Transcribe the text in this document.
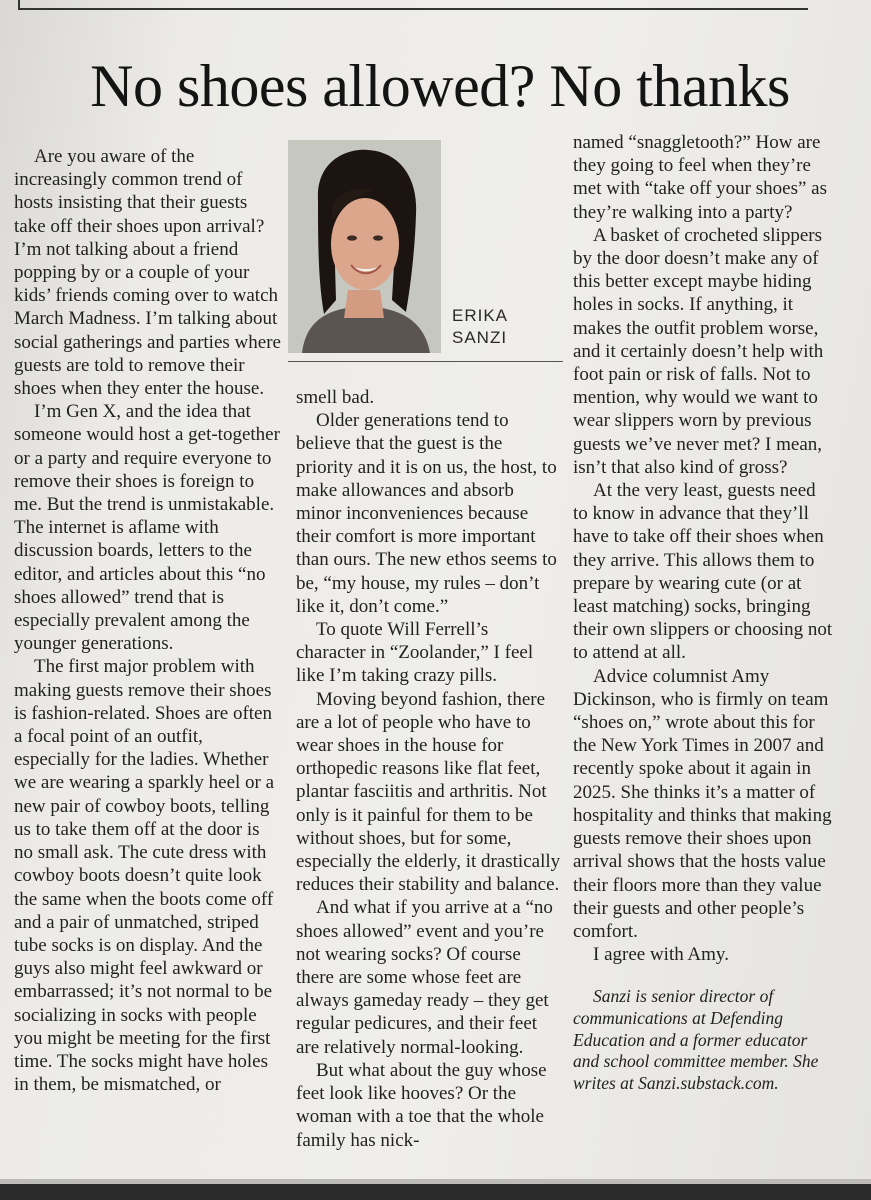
No shoes allowed? No thanks

Are you aware of the increasingly common trend of hosts insisting that their guests take off their shoes upon arrival? I’m not talking about a friend popping by or a couple of your kids’ friends coming over to watch March Madness. I’m talking about social gatherings and parties where guests are told to remove their shoes when they enter the house.

I’m Gen X, and the idea that someone would host a get-together or a party and require everyone to remove their shoes is foreign to me. But the trend is unmistakable. The internet is aflame with discussion boards, letters to the editor, and articles about this “no shoes allowed” trend that is especially prevalent among the younger generations.

The first major problem with making guests remove their shoes is fashion-related. Shoes are often a focal point of an outfit, especially for the ladies. Whether we are wearing a sparkly heel or a new pair of cowboy boots, telling us to take them off at the door is no small ask. The cute dress with cowboy boots doesn’t quite look the same when the boots come off and a pair of unmatched, striped tube socks is on display. And the guys also might feel awkward or embarrassed; it’s not normal to be socializing in socks with people you might be meeting for the first time. The socks might have holes in them, be mismatched, or

ERIKA
SANZI

smell bad.

Older generations tend to believe that the guest is the priority and it is on us, the host, to make allowances and absorb minor inconveniences because their comfort is more important than ours. The new ethos seems to be, “my house, my rules – don’t like it, don’t come.”

To quote Will Ferrell’s character in “Zoolander,” I feel like I’m taking crazy pills.

Moving beyond fashion, there are a lot of people who have to wear shoes in the house for orthopedic reasons like flat feet, plantar fasciitis and arthritis. Not only is it painful for them to be without shoes, but for some, especially the elderly, it drastically reduces their stability and balance.

And what if you arrive at a “no shoes allowed” event and you’re not wearing socks? Of course there are some whose feet are always gameday ready – they get regular pedicures, and their feet are relatively normal-looking.

But what about the guy whose feet look like hooves? Or the woman with a toe that the whole family has nick-

named “snaggletooth?” How are they going to feel when they’re met with “take off your shoes” as they’re walking into a party?

A basket of crocheted slippers by the door doesn’t make any of this better except maybe hiding holes in socks. If anything, it makes the outfit problem worse, and it certainly doesn’t help with foot pain or risk of falls. Not to mention, why would we want to wear slippers worn by previous guests we’ve never met? I mean, isn’t that also kind of gross?

At the very least, guests need to know in advance that they’ll have to take off their shoes when they arrive. This allows them to prepare by wearing cute (or at least matching) socks, bringing their own slippers or choosing not to attend at all.

Advice columnist Amy Dickinson, who is firmly on team “shoes on,” wrote about this for the New York Times in 2007 and recently spoke about it again in 2025. She thinks it’s a matter of hospitality and thinks that making guests remove their shoes upon arrival shows that the hosts value their floors more than they value their guests and other people’s comfort.

I agree with Amy.

Sanzi is senior director of communications at Defending Education and a former educator and school committee member. She writes at Sanzi.substack.com.
